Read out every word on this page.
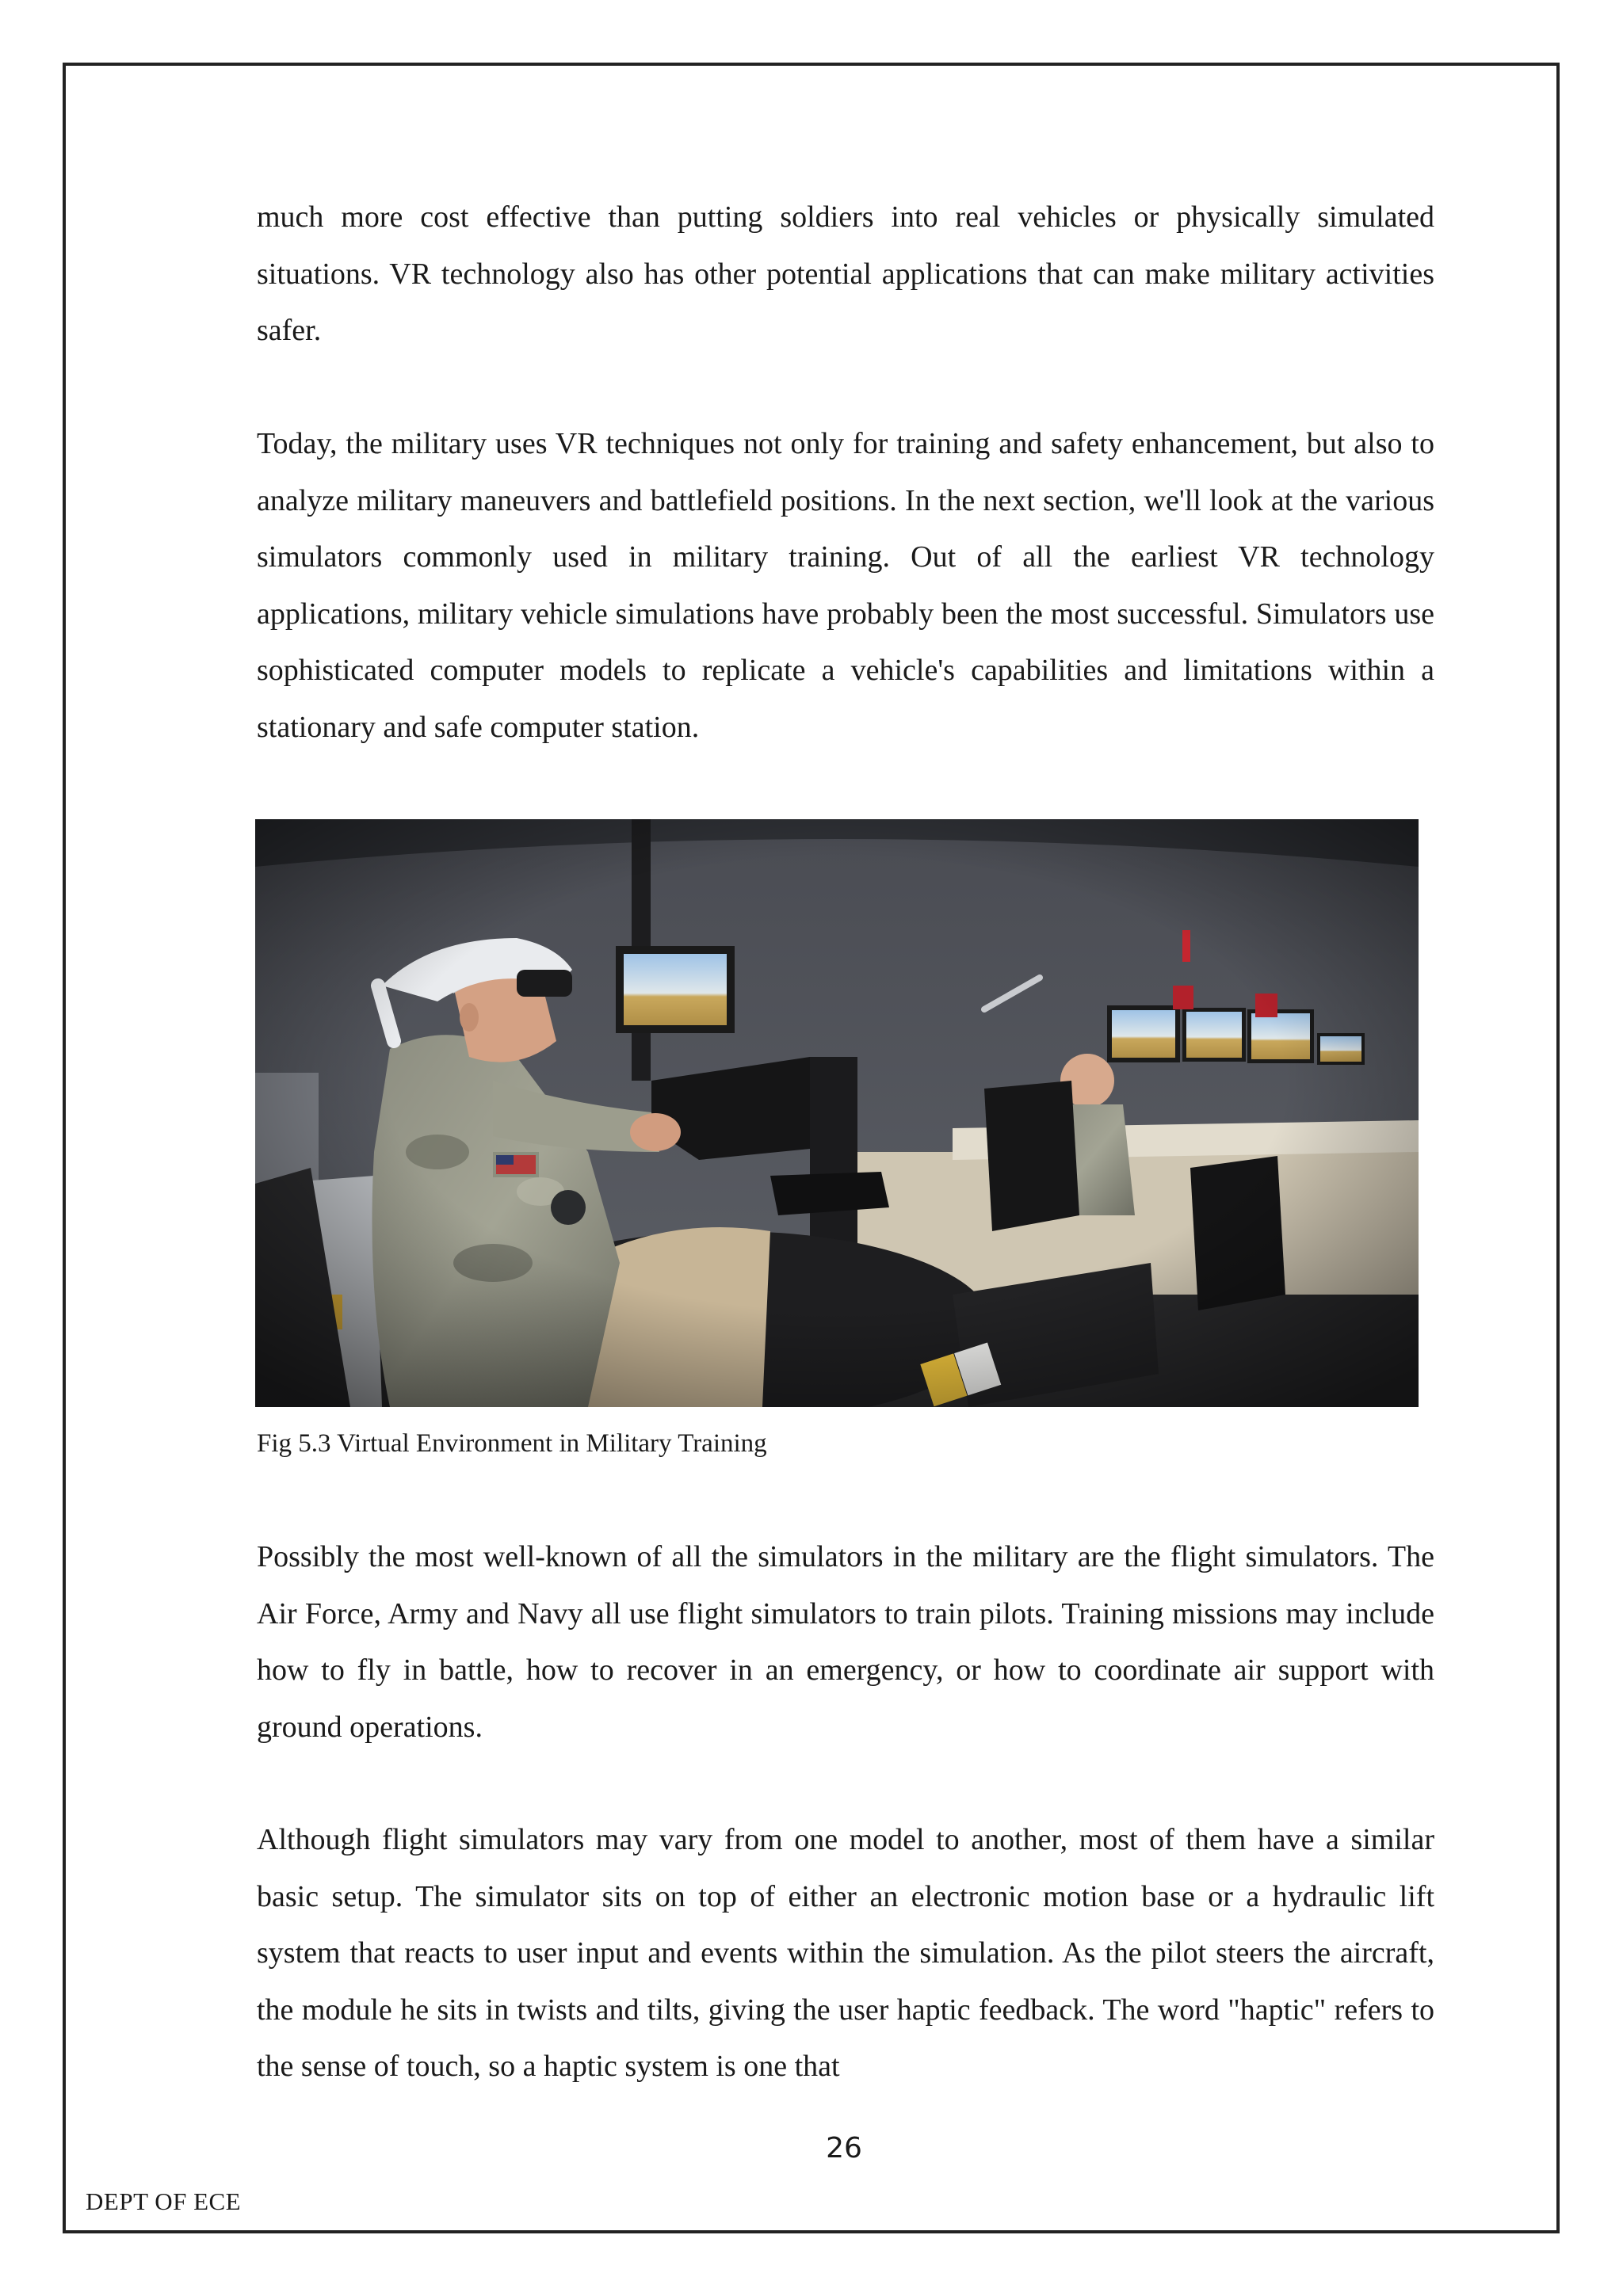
much more cost effective than putting soldiers into real vehicles or physically simulated situations. VR technology also has other potential applications that can make military activities safer.

Today, the military uses VR techniques not only for training and safety enhancement, but also to analyze military maneuvers and battlefield positions. In the next section, we'll look at the various simulators commonly used in military training. Out of all the earliest VR technology applications, military vehicle simulations have probably been the most successful. Simulators use sophisticated computer models to replicate a vehicle's capabilities and limitations within a stationary and safe computer station.

Fig 5.3 Virtual Environment in Military Training

Possibly the most well-known of all the simulators in the military are the flight simulators. The Air Force, Army and Navy all use flight simulators to train pilots. Training missions may include how to fly in battle, how to recover in an emergency, or how to coordinate air support with ground operations.

Although flight simulators may vary from one model to another, most of them have a similar basic setup. The simulator sits on top of either an electronic motion base or a hydraulic lift system that reacts to user input and events within the simulation. As the pilot steers the aircraft, the module he sits in twists and tilts, giving the user haptic feedback. The word "haptic" refers to the sense of touch, so a haptic system is one that

26
DEPT OF ECE
